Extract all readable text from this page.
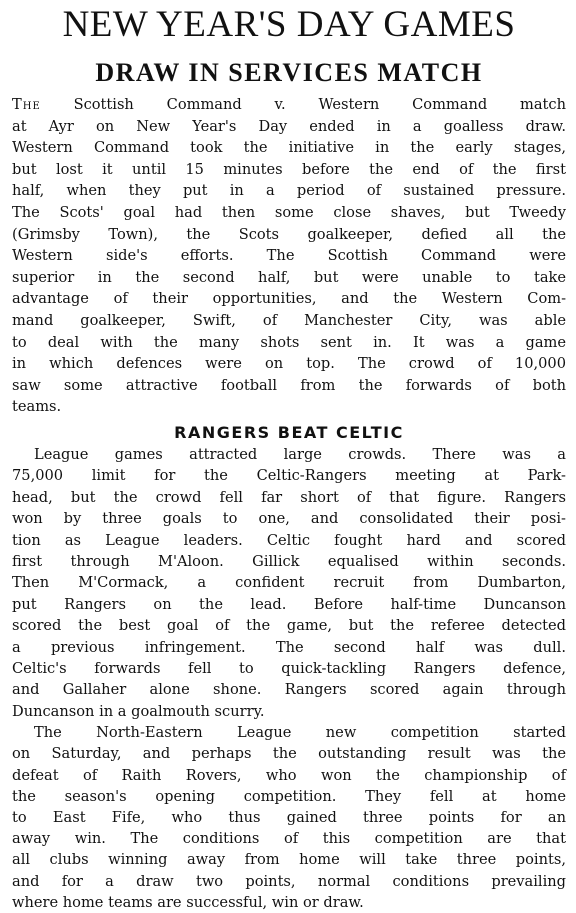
NEW YEAR'S DAY GAMES
DRAW IN SERVICES MATCH
The Scottish Command v. Western Command match
at Ayr on New Year's Day ended in a goalless draw.
Western Command took the initiative in the early stages,
but lost it until 15 minutes before the end of the first
half, when they put in a period of sustained pressure.
The Scots' goal had then some close shaves, but Tweedy
(Grimsby Town), the Scots goalkeeper, defied all the
Western side's efforts. The Scottish Command were
superior in the second half, but were unable to take
advantage of their opportunities, and the Western Com-
mand goalkeeper, Swift, of Manchester City, was able
to deal with the many shots sent in. It was a game
in which defences were on top. The crowd of 10,000
saw some attractive football from the forwards of both
teams.
RANGERS BEAT CELTIC
League games attracted large crowds. There was a
75,000 limit for the Celtic-Rangers meeting at Park-
head, but the crowd fell far short of that figure. Rangers
won by three goals to one, and consolidated their posi-
tion as League leaders. Celtic fought hard and scored
first through M'Aloon. Gillick equalised within seconds.
Then M'Cormack, a confident recruit from Dumbarton,
put Rangers on the lead. Before half-time Duncanson
scored the best goal of the game, but the referee detected
a previous infringement. The second half was dull.
Celtic's forwards fell to quick-tackling Rangers defence,
and Gallaher alone shone. Rangers scored again through
Duncanson in a goalmouth scurry.
The North-Eastern League new competition started
on Saturday, and perhaps the outstanding result was the
defeat of Raith Rovers, who won the championship of
the season's opening competition. They fell at home
to East Fife, who thus gained three points for an
away win. The conditions of this competition are that
all clubs winning away from home will take three points,
and for a draw two points, normal conditions prevailing
where home teams are successful, win or draw.
